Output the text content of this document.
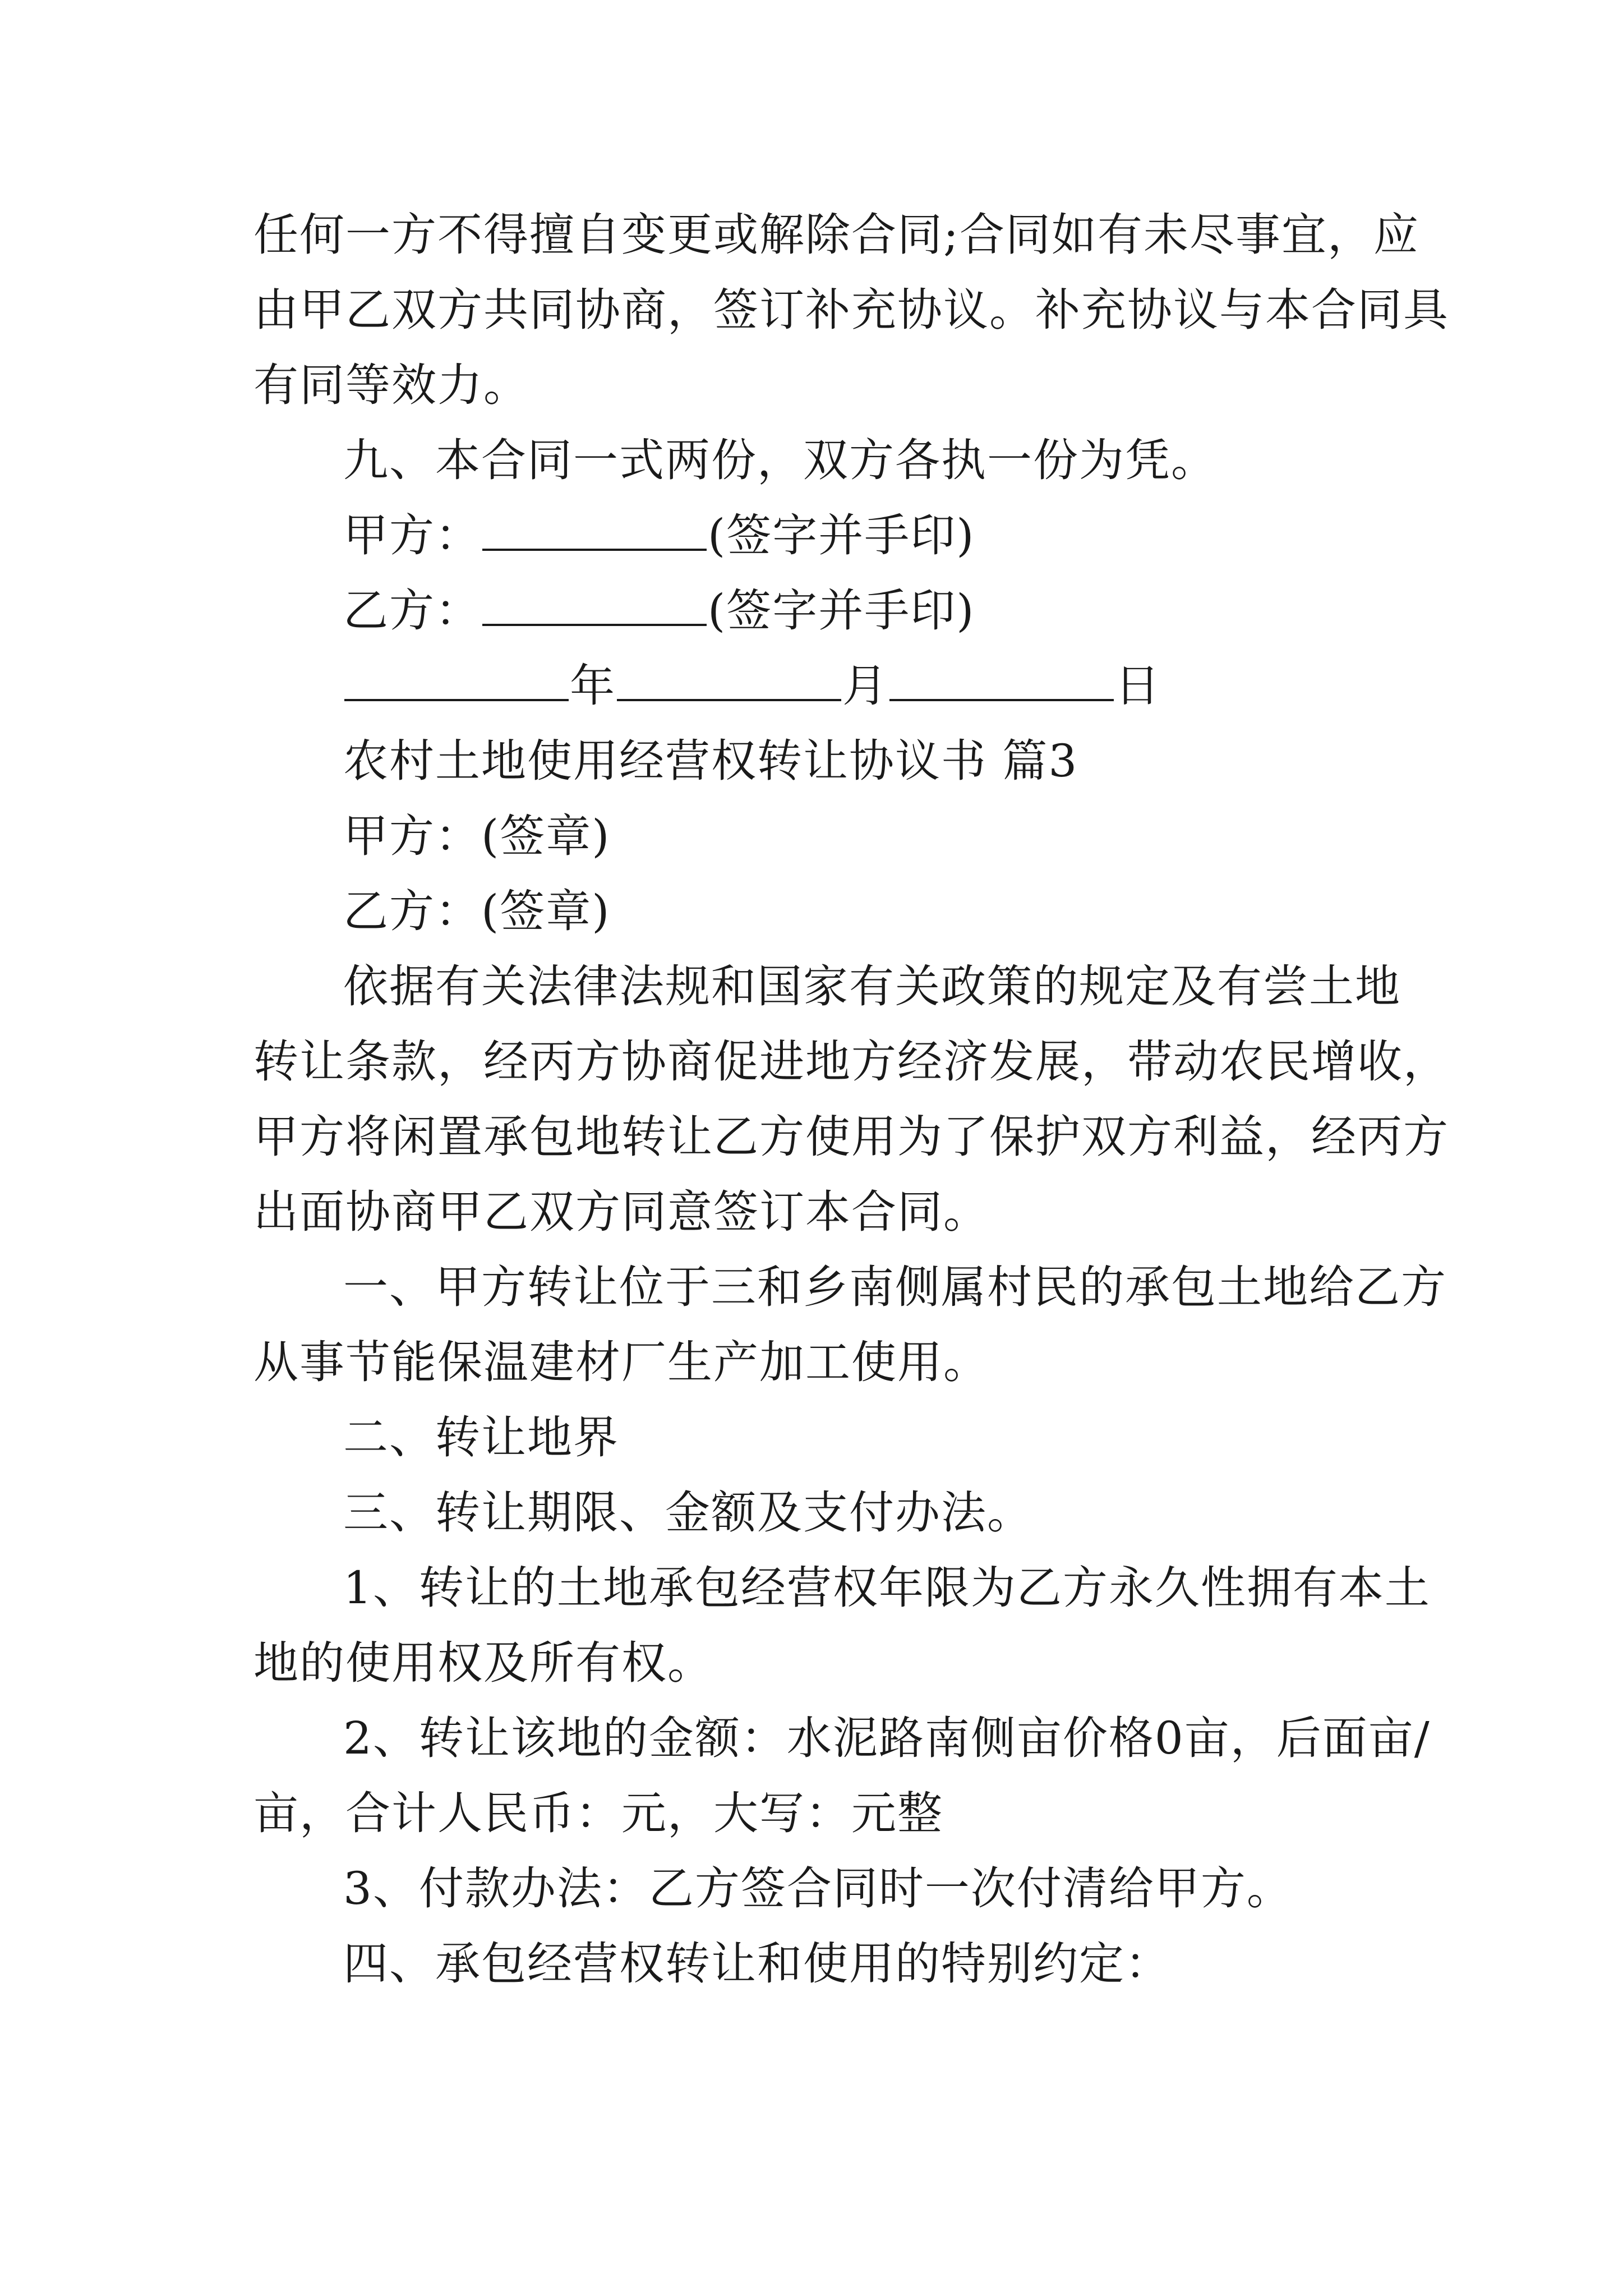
任何一方不得擅自变更或解除合同;合同如有未尽事宜，应
由甲乙双方共同协商，签订补充协议。补充协议与本合同具
有同等效力。
九、本合同一式两份，双方各执一份为凭。
甲方：	(签字并手印)
乙方：	(签字并手印)
年	月	日
农村土地使用经营权转让协议书 篇3
甲方：(签章)
乙方：(签章)
依据有关法律法规和国家有关政策的规定及有尝土地
转让条款，经丙方协商促进地方经济发展，带动农民增收，
甲方将闲置承包地转让乙方使用为了保护双方利益，经丙方
出面协商甲乙双方同意签订本合同。
一、甲方转让位于三和乡南侧属村民的承包土地给乙方
从事节能保温建材厂生产加工使用。
二、转让地界
三、转让期限、金额及支付办法。
1、转让的土地承包经营权年限为乙方永久性拥有本土
地的使用权及所有权。
2、转让该地的金额：水泥路南侧亩价格0亩，后面亩/
亩，合计人民币：元，大写：元整
3、付款办法：乙方签合同时一次付清给甲方。
四、承包经营权转让和使用的特别约定：
